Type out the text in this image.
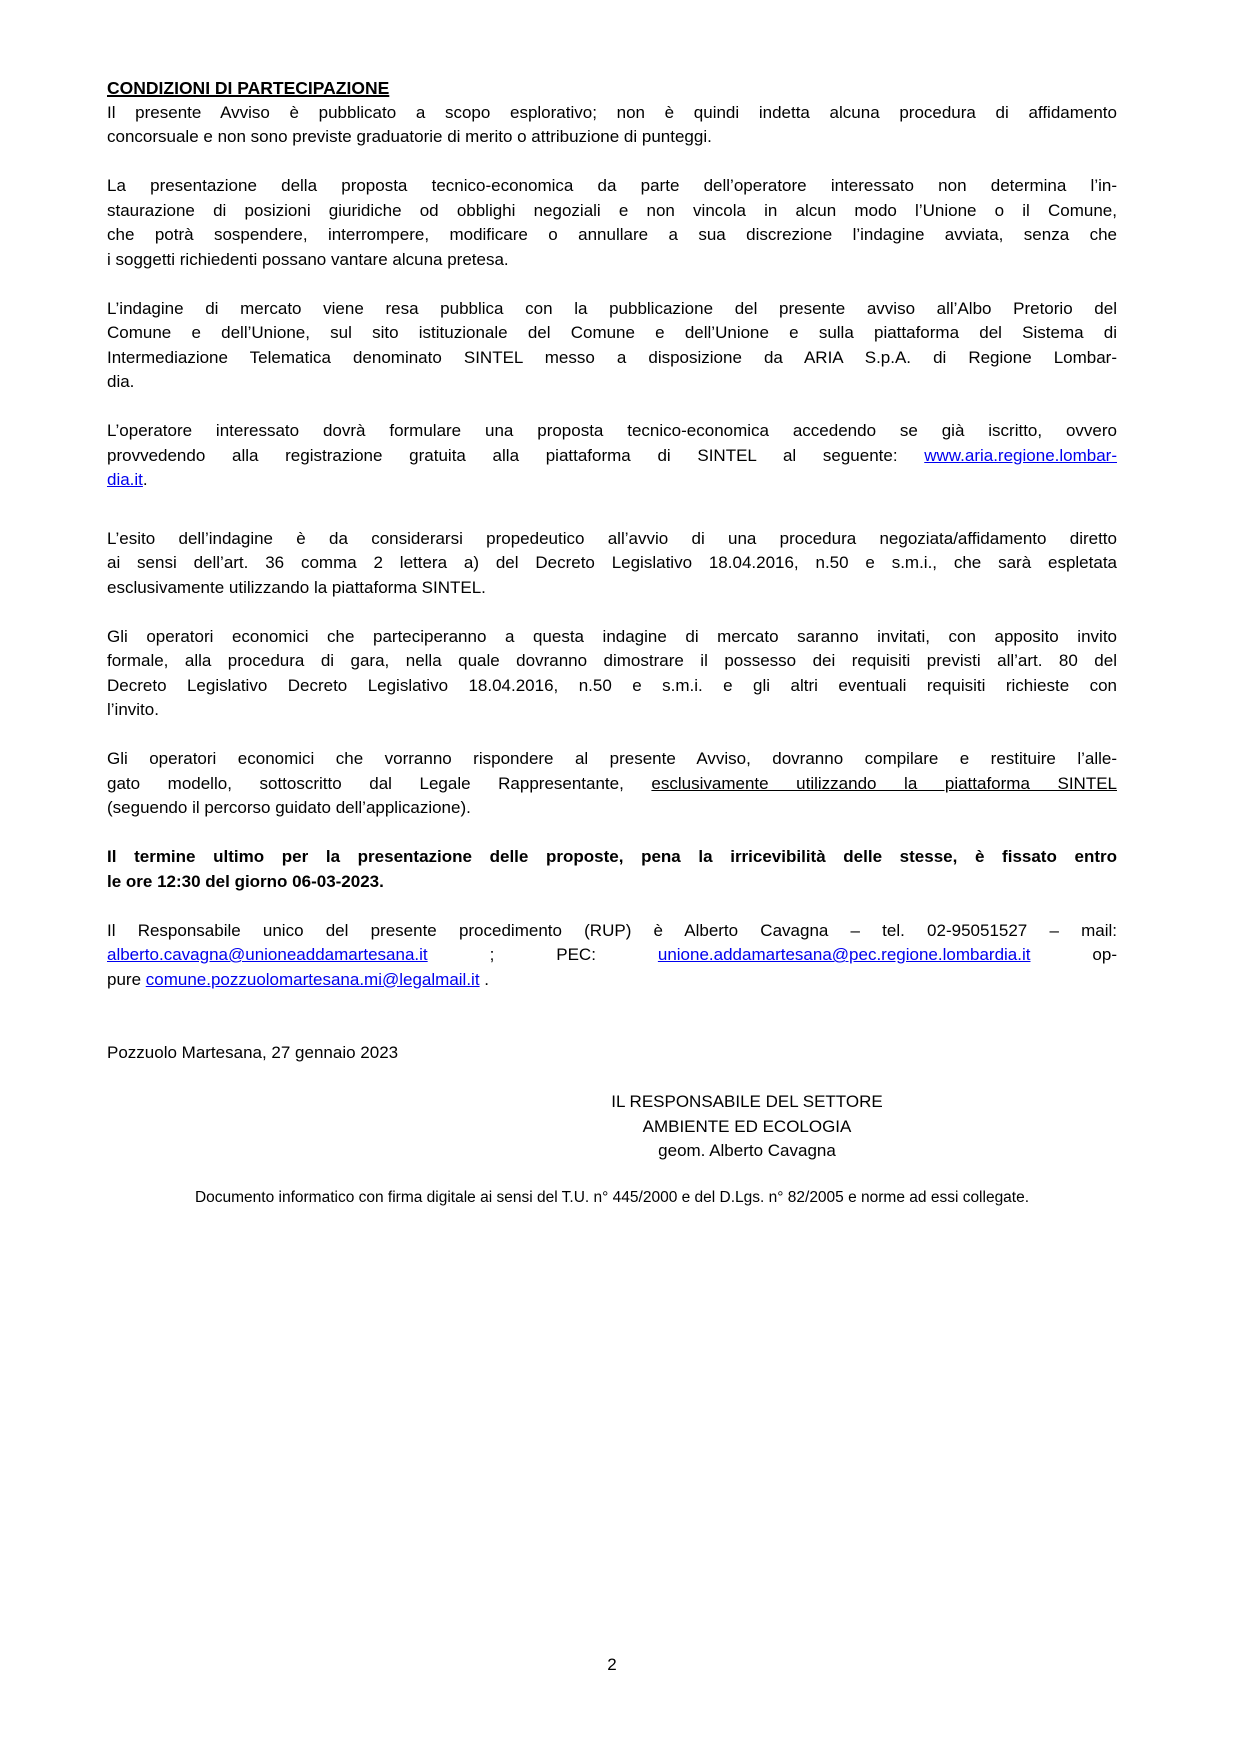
CONDIZIONI DI PARTECIPAZIONE
Il presente Avviso è pubblicato a scopo esplorativo; non è quindi indetta alcuna procedura di affidamento
concorsuale e non sono previste graduatorie di merito o attribuzione di punteggi.
La presentazione della proposta tecnico-economica da parte dell’operatore interessato non determina l’in-
staurazione di posizioni giuridiche od obblighi negoziali e non vincola in alcun modo l’Unione o il Comune,
che potrà sospendere, interrompere, modificare o annullare a sua discrezione l’indagine avviata, senza che
i soggetti richiedenti possano vantare alcuna pretesa.
L’indagine di mercato viene resa pubblica con la pubblicazione del presente avviso all’Albo Pretorio del
Comune e dell’Unione, sul sito istituzionale del Comune e dell’Unione e sulla piattaforma del Sistema di
Intermediazione Telematica denominato SINTEL messo a disposizione da ARIA S.p.A. di Regione Lombar-
dia.
L’operatore interessato dovrà formulare una proposta tecnico-economica accedendo se già iscritto, ovvero
provvedendo alla registrazione gratuita alla piattaforma di SINTEL al seguente: www.aria.regione.lombar-
dia.it.
L’esito dell’indagine è da considerarsi propedeutico all’avvio di una procedura negoziata/affidamento diretto
ai sensi dell’art. 36 comma 2 lettera a) del Decreto Legislativo 18.04.2016, n.50 e s.m.i., che sarà espletata
esclusivamente utilizzando la piattaforma SINTEL.
Gli operatori economici che parteciperanno a questa indagine di mercato saranno invitati, con apposito invito
formale, alla procedura di gara, nella quale dovranno dimostrare il possesso dei requisiti previsti all’art. 80 del
Decreto Legislativo Decreto Legislativo 18.04.2016, n.50 e s.m.i. e gli altri eventuali requisiti richieste con
l’invito.
Gli operatori economici che vorranno rispondere al presente Avviso, dovranno compilare e restituire l’alle-
gato modello, sottoscritto dal Legale Rappresentante, esclusivamente utilizzando la piattaforma SINTEL
(seguendo il percorso guidato dell’applicazione).
Il termine ultimo per la presentazione delle proposte, pena la irricevibilità delle stesse, è fissato entro
le ore 12:30 del giorno 06-03-2023.
Il Responsabile unico del presente procedimento (RUP) è Alberto Cavagna – tel. 02-95051527 – mail:
alberto.cavagna@unioneaddamartesana.it ; PEC: unione.addamartesana@pec.regione.lombardia.it op-
pure comune.pozzuolomartesana.mi@legalmail.it .
Pozzuolo Martesana, 27 gennaio 2023
IL RESPONSABILE DEL SETTORE
AMBIENTE ED ECOLOGIA
geom. Alberto Cavagna
Documento informatico con firma digitale ai sensi del T.U. n° 445/2000 e del D.Lgs. n° 82/2005 e norme ad essi collegate.
2
